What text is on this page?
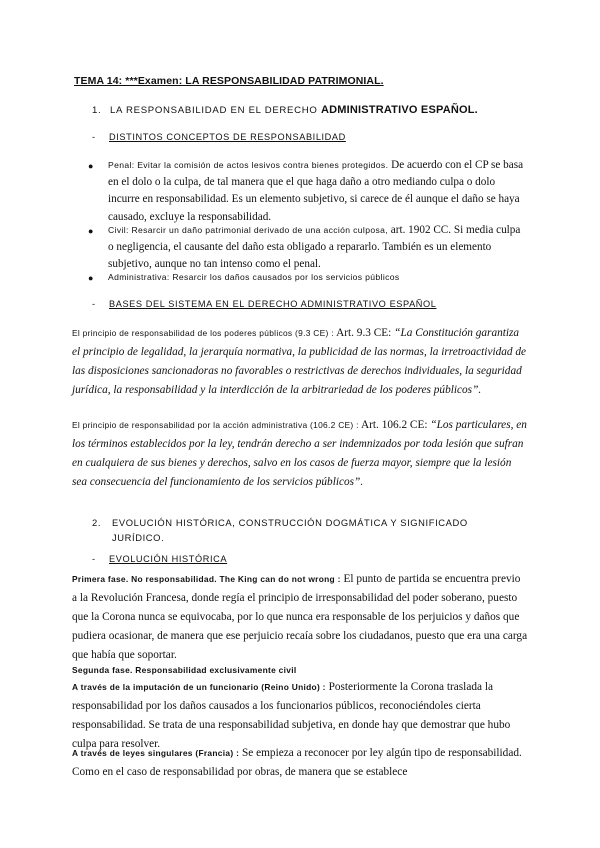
TEMA 14: ***Examen: LA RESPONSABILIDAD PATRIMONIAL.
1. LA RESPONSABILIDAD EN EL DERECHO ADMINISTRATIVO ESPAÑOL.
- DISTINTOS CONCEPTOS DE RESPONSABILIDAD
● Penal: Evitar la comisión de actos lesivos contra bienes protegidos. De acuerdo con el CP se basa en el dolo o la culpa, de tal manera que el que haga daño a otro mediando culpa o dolo incurre en responsabilidad. Es un elemento subjetivo, si carece de él aunque el daño se haya causado, excluye la responsabilidad.
● Civil: Resarcir un daño patrimonial derivado de una acción culposa, art. 1902 CC. Si media culpa o negligencia, el causante del daño esta obligado a repararlo. También es un elemento subjetivo, aunque no tan intenso como el penal.
● Administrativa: Resarcir los daños causados por los servicios públicos
- BASES DEL SISTEMA EN EL DERECHO ADMINISTRATIVO ESPAÑOL
El principio de responsabilidad de los poderes públicos (9.3 CE) : Art. 9.3 CE: “La Constitución garantiza el principio de legalidad, la jerarquía normativa, la publicidad de las normas, la irretroactividad de las disposiciones sancionadoras no favorables o restrictivas de derechos individuales, la seguridad jurídica, la responsabilidad y la interdicción de la arbitrariedad de los poderes públicos”.
El principio de responsabilidad por la acción administrativa (106.2 CE) : Art. 106.2 CE: “Los particulares, en los términos establecidos por la ley, tendrán derecho a ser indemnizados por toda lesión que sufran en cualquiera de sus bienes y derechos, salvo en los casos de fuerza mayor, siempre que la lesión sea consecuencia del funcionamiento de los servicios públicos”.
2. EVOLUCIÓN HISTÓRICA, CONSTRUCCIÓN DOGMÁTICA Y SIGNIFICADO
JURÍDICO.
- EVOLUCIÓN HISTÓRICA
Primera fase. No responsabilidad. The King can do not wrong : El punto de partida se encuentra previo a la Revolución Francesa, donde regía el principio de irresponsabilidad del poder soberano, puesto que la Corona nunca se equivocaba, por lo que nunca era responsable de los perjuicios y daños que pudiera ocasionar, de manera que ese perjuicio recaía sobre los ciudadanos, puesto que era una carga que había que soportar.
Segunda fase. Responsabilidad exclusivamente civil
A través de la imputación de un funcionario (Reino Unido) : Posteriormente la Corona traslada la responsabilidad por los daños causados a los funcionarios públicos, reconociéndoles cierta responsabilidad. Se trata de una responsabilidad subjetiva, en donde hay que demostrar que hubo culpa para resolver.
A través de leyes singulares (Francia) : Se empieza a reconocer por ley algún tipo de responsabilidad. Como en el caso de responsabilidad por obras, de manera que se establece
